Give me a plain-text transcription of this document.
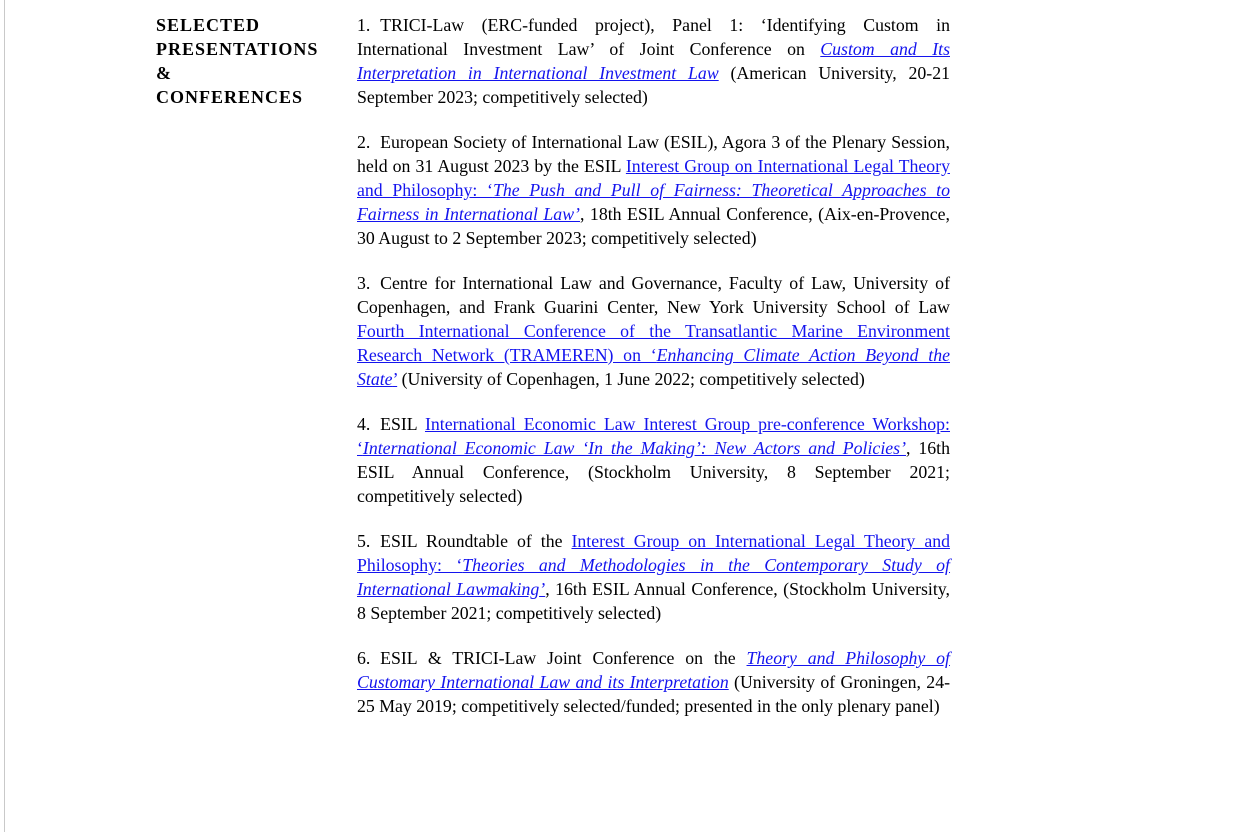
SELECTED
PRESENTATIONS
&
CONFERENCES

1. TRICI-Law (ERC-funded project), Panel 1: ‘Identifying Custom in International Investment Law’ of Joint Conference on Custom and Its Interpretation in International Investment Law (American University, 20-21 September 2023; competitively selected)

2. European Society of International Law (ESIL), Agora 3 of the Plenary Session, held on 31 August 2023 by the ESIL Interest Group on International Legal Theory and Philosophy: ‘The Push and Pull of Fairness: Theoretical Approaches to Fairness in International Law’, 18th ESIL Annual Conference, (Aix-en-Provence, 30 August to 2 September 2023; competitively selected)

3. Centre for International Law and Governance, Faculty of Law, University of Copenhagen, and Frank Guarini Center, New York University School of Law Fourth International Conference of the Transatlantic Marine Environment Research Network (TRAMEREN) on ‘Enhancing Climate Action Beyond the State’ (University of Copenhagen, 1 June 2022; competitively selected)

4. ESIL International Economic Law Interest Group pre-conference Workshop: ‘International Economic Law ‘In the Making’: New Actors and Policies’, 16th ESIL Annual Conference, (Stockholm University, 8 September 2021; competitively selected)

5. ESIL Roundtable of the Interest Group on International Legal Theory and Philosophy: ‘Theories and Methodologies in the Contemporary Study of International Lawmaking’, 16th ESIL Annual Conference, (Stockholm University, 8 September 2021; competitively selected)

6. ESIL & TRICI-Law Joint Conference on the Theory and Philosophy of Customary International Law and its Interpretation (University of Groningen, 24-25 May 2019; competitively selected/funded; presented in the only plenary panel)
